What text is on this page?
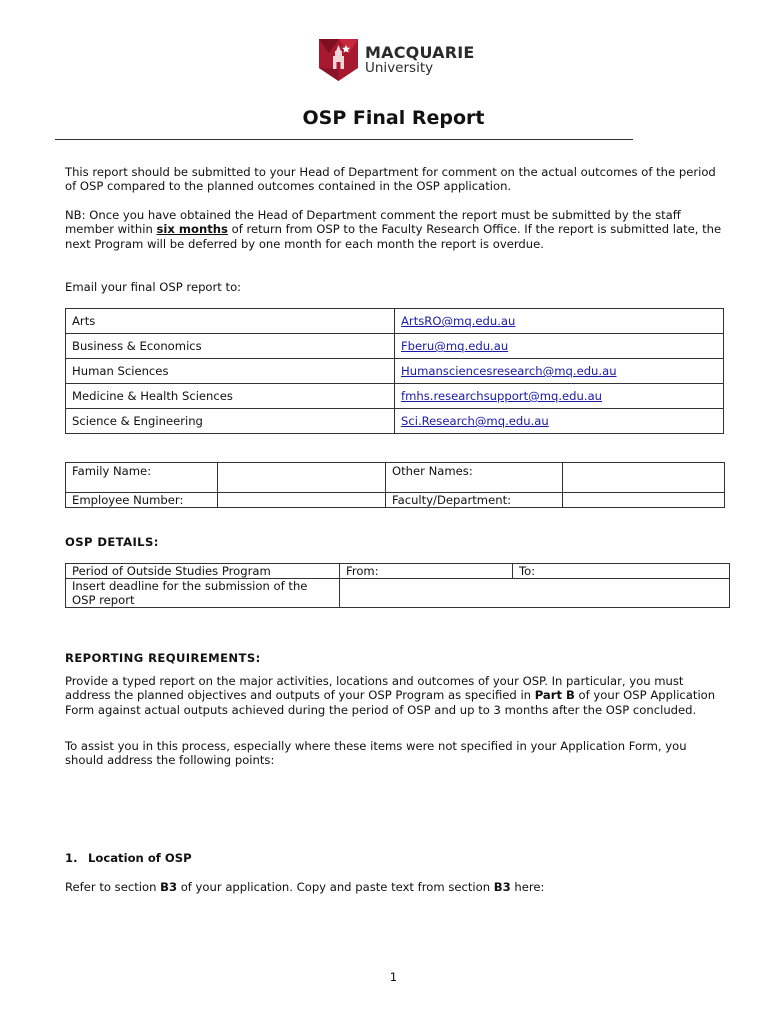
MACQUARIE
University
OSP Final Report

This report should be submitted to your Head of Department for comment on the actual outcomes of the period of OSP compared to the planned outcomes contained in the OSP application.

NB: Once you have obtained the Head of Department comment the report must be submitted by the staff member within six months of return from OSP to the Faculty Research Office. If the report is submitted late, the next Program will be deferred by one month for each month the report is overdue.

Email your final OSP report to:

Arts	ArtsRO@mq.edu.au
Business & Economics	Fberu@mq.edu.au
Human Sciences	Humansciencesresearch@mq.edu.au
Medicine & Health Sciences	fmhs.researchsupport@mq.edu.au
Science & Engineering	Sci.Research@mq.edu.au
Family Name:		Other Names:	
Employee Number:		Faculty/Department:	
OSP DETAILS:
Period of Outside Studies Program	From:	To:
Insert deadline for the submission of the OSP report		
REPORTING REQUIREMENTS:

Provide a typed report on the major activities, locations and outcomes of your OSP. In particular, you must address the planned objectives and outputs of your OSP Program as specified in Part B of your OSP Application Form against actual outputs achieved during the period of OSP and up to 3 months after the OSP concluded.

To assist you in this process, especially where these items were not specified in your Application Form, you should address the following points:

1. Location of OSP

Refer to section B3 of your application. Copy and paste text from section B3 here:

1
